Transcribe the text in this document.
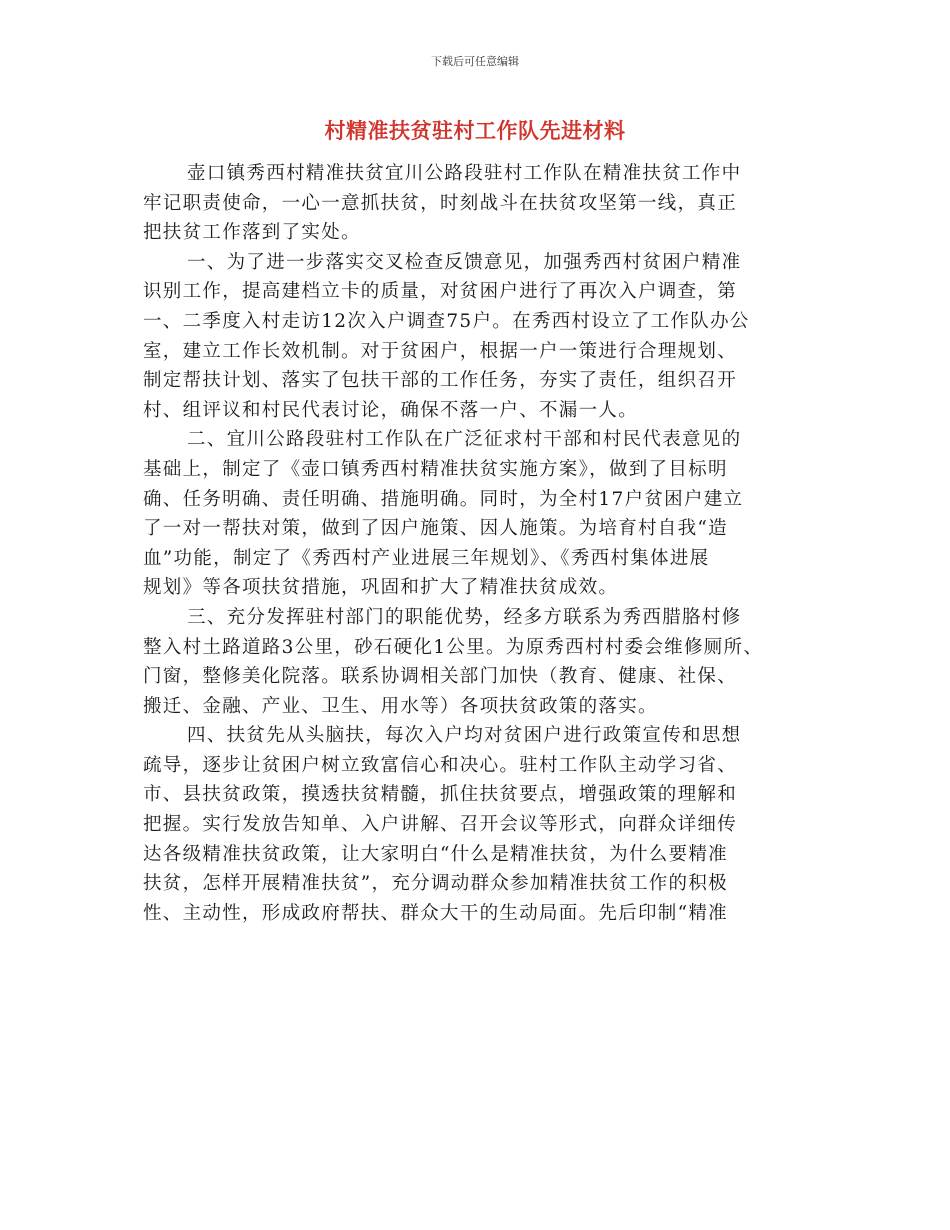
下载后可任意编辑
村精准扶贫驻村工作队先进材料
壶口镇秀西村精准扶贫宜川公路段驻村工作队在精准扶贫工作中
牢记职责使命，一心一意抓扶贫，时刻战斗在扶贫攻坚第一线，真正
把扶贫工作落到了实处。
一、为了进一步落实交叉检查反馈意见，加强秀西村贫困户精准
识别工作，提高建档立卡的质量，对贫困户进行了再次入户调查，第
一、二季度入村走访12次入户调查75户。在秀西村设立了工作队办公
室，建立工作长效机制。对于贫困户，根据一户一策进行合理规划、
制定帮扶计划、落实了包扶干部的工作任务，夯实了责任，组织召开
村、组评议和村民代表讨论，确保不落一户、不漏一人。
二、宜川公路段驻村工作队在广泛征求村干部和村民代表意见的
基础上，制定了《壶口镇秀西村精准扶贫实施方案》，做到了目标明
确、任务明确、责任明确、措施明确。同时，为全村17户贫困户建立
了一对一帮扶对策，做到了因户施策、因人施策。为培育村自我“造
血”功能，制定了《秀西村产业进展三年规划》、《秀西村集体进展
规划》等各项扶贫措施，巩固和扩大了精准扶贫成效。
三、充分发挥驻村部门的职能优势，经多方联系为秀西腊胳村修
整入村土路道路3公里，砂石硬化1公里。为原秀西村村委会维修厕所、
门窗，整修美化院落。联系协调相关部门加快（教育、健康、社保、
搬迁、金融、产业、卫生、用水等）各项扶贫政策的落实。
四、扶贫先从头脑扶，每次入户均对贫困户进行政策宣传和思想
疏导，逐步让贫困户树立致富信心和决心。驻村工作队主动学习省、
市、县扶贫政策，摸透扶贫精髓，抓住扶贫要点，增强政策的理解和
把握。实行发放告知单、入户讲解、召开会议等形式，向群众详细传
达各级精准扶贫政策，让大家明白“什么是精准扶贫，为什么要精准
扶贫，怎样开展精准扶贫”，充分调动群众参加精准扶贫工作的积极
性、主动性，形成政府帮扶、群众大干的生动局面。先后印制“精准
